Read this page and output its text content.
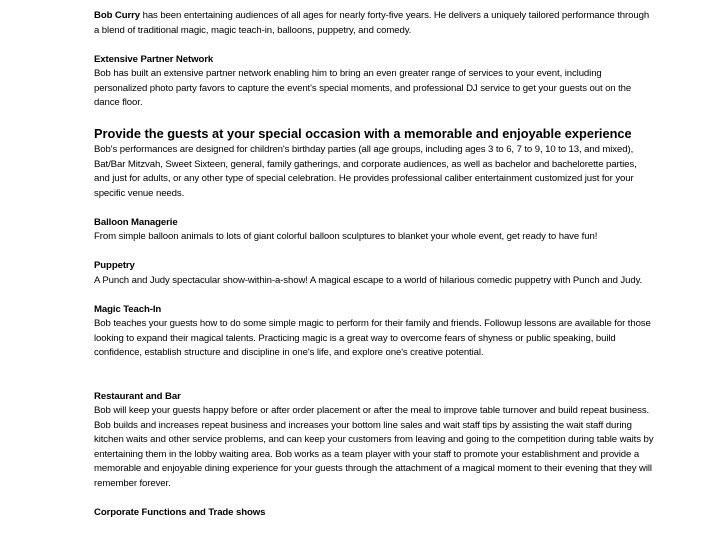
Bob Curry has been entertaining audiences of all ages for nearly forty-five years. He delivers a uniquely tailored performance through a blend of traditional magic, magic teach-in, balloons, puppetry, and comedy.

Extensive Partner Network

Bob has built an extensive partner network enabling him to bring an even greater range of services to your event, including personalized photo party favors to capture the event's special moments, and professional DJ service to get your guests out on the dance floor.

Provide the guests at your special occasion with a memorable and enjoyable experience

Bob's performances are designed for children's birthday parties (all age groups, including ages 3 to 6, 7 to 9, 10 to 13, and mixed), Bat/Bar Mitzvah, Sweet Sixteen, general, family gatherings, and corporate audiences, as well as bachelor and bachelorette parties, and just for adults, or any other type of special celebration. He provides professional caliber entertainment customized just for your specific venue needs.

Balloon Managerie

From simple balloon animals to lots of giant colorful balloon sculptures to blanket your whole event, get ready to have fun!

Puppetry

A Punch and Judy spectacular show-within-a-show! A magical escape to a world of hilarious comedic puppetry with Punch and Judy.

Magic Teach-In

Bob teaches your guests how to do some simple magic to perform for their family and friends. Followup lessons are available for those looking to expand their magical talents. Practicing magic is a great way to overcome fears of shyness or public speaking, build confidence, establish structure and discipline in one's life, and explore one's creative potential.

Restaurant and Bar

Bob will keep your guests happy before or after order placement or after the meal to improve table turnover and build repeat business. Bob builds and increases repeat business and increases your bottom line sales and wait staff tips by assisting the wait staff during kitchen waits and other service problems, and can keep your customers from leaving and going to the competition during table waits by entertaining them in the lobby waiting area. Bob works as a team player with your staff to promote your establishment and provide a memorable and enjoyable dining experience for your guests through the attachment of a magical moment to their evening that they will remember forever.

Corporate Functions and Trade shows
